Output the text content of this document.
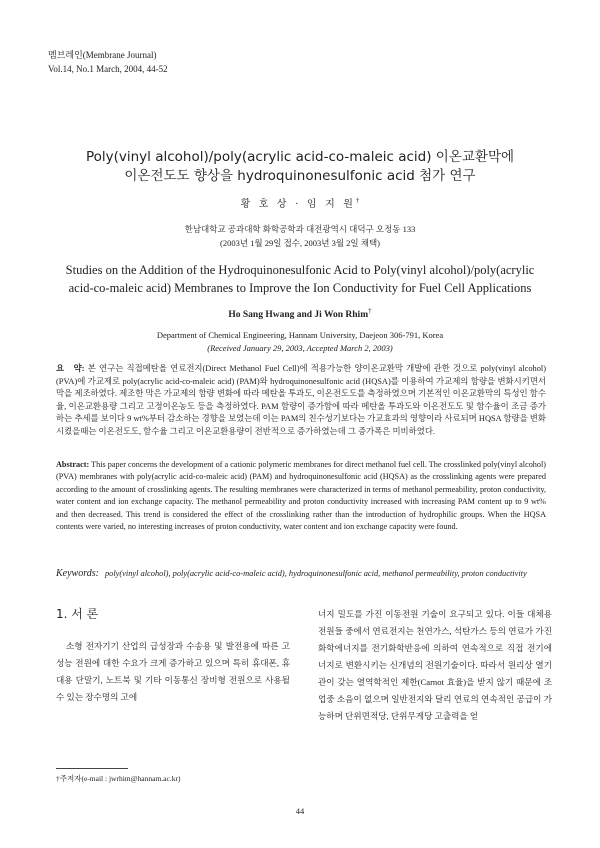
멤브레인(Membrane Journal)
Vol.14, No.1 March, 2004, 44-52
Poly(vinyl alcohol)/poly(acrylic acid-co-maleic acid) 이온교환막에
이온전도도 향상을 hydroquinonesulfonic acid 첨가 연구
황 호 상 · 임 지 원†
한남대학교 공과대학 화학공학과 대전광역시 대덕구 오정동 133
(2003년 1월 29일 접수, 2003년 3월 2일 채택)
Studies on the Addition of the Hydroquinonesulfonic Acid to Poly(vinyl alcohol)/poly(acrylic
acid-co-maleic acid) Membranes to Improve the Ion Conductivity for Fuel Cell Applications
Ho Sang Hwang and Ji Won Rhim†
Department of Chemical Engineering, Hannam University, Daejeon 306-791, Korea
(Received January 29, 2003, Accepted March 2, 2003)
요   약: 본 연구는 직접메탄올 연료전지(Direct Methanol Fuel Cell)에 적용가능한 양이온교환막 개발에 관한 것으로 poly(vinyl alcohol) (PVA)에 가교제로 poly(acrylic acid-co-maleic acid) (PAM)와 hydroquinonesulfonic acid (HQSA)를 이용하여 가교제의 함량을 변화시키면서 막을 제조하였다. 제조한 막은 가교제의 함량 변화에 따라 메탄올 투과도, 이온전도도를 측정하였으며 기본적인 이온교환막의 특성인 함수율, 이온교환용량 그리고 고정이온농도 등을 측정하였다. PAM 함량이 증가함에 따라 메탄올 투과도와 이온전도도 및 함수율이 조금 증가하는 추세를 보이다 9 wt%부터 감소하는 경향을 보였는데 이는 PAM의 친수성기보다는 가교효과의 영향이라 사료되며 HQSA 함량을 변화시켰을때는 이온전도도, 함수율 그리고 이온교환용량이 전반적으로 증가하였는데 그 증가폭은 미비하였다.
Abstract: This paper concerns the development of a cationic polymeric membranes for direct methanol fuel cell. The crosslinked poly(vinyl alcohol) (PVA) membranes with poly(acrylic acid-co-maleic acid) (PAM) and hydroquinonesulfonic acid (HQSA) as the crosslinking agents were prepared according to the amount of crosslinking agents. The resulting membranes were characterized in terms of methanol permeability, proton conductivity, water content and ion exchange capacity. The methanol permeability and proton conductivity increased with increasing PAM content up to 9 wt% and then decreased. This trend is considered the effect of the crosslinking rather than the introduction of hydrophilic groups. When the HQSA contents were varied, no interesting increases of proton conductivity, water content and ion exchange capacity were found.
Keywords: poly(vinyl alcohol), poly(acrylic acid-co-maleic acid), hydroquinonesulfonic acid, methanol permeability, proton conductivity
1. 서 론
소형 전자기기 산업의 급성장과 수송용 및 발전용에 따른 고성능 전원에 대한 수요가 크게 증가하고 있으며 특히 휴대폰, 휴대용 단말기, 노트북 및 기타 이동통신 장비형 전원으로 사용될 수 있는 장수명의 고에
너지 밀도를 가진 이동전원 기술이 요구되고 있다. 이들 대체용 전원들 중에서 연료전지는 천연가스, 석탄가스 등의 연료가 가진 화학에너지를 전기화학반응에 의하여 연속적으로 직접 전기에너지로 변환시키는 신개념의 전원기술이다. 따라서 원리상 열기관이 갖는 열역학적인 제한(Carnot 효율)을 받지 않기 때문에 조업중 소음이 없으며 일반전지와 달리 연료의 연속적인 공급이 가능하며 단위면적당, 단위무게당 고출력을 얻
†주저자(e-mail : jwrhim@hannam.ac.kr)
44
